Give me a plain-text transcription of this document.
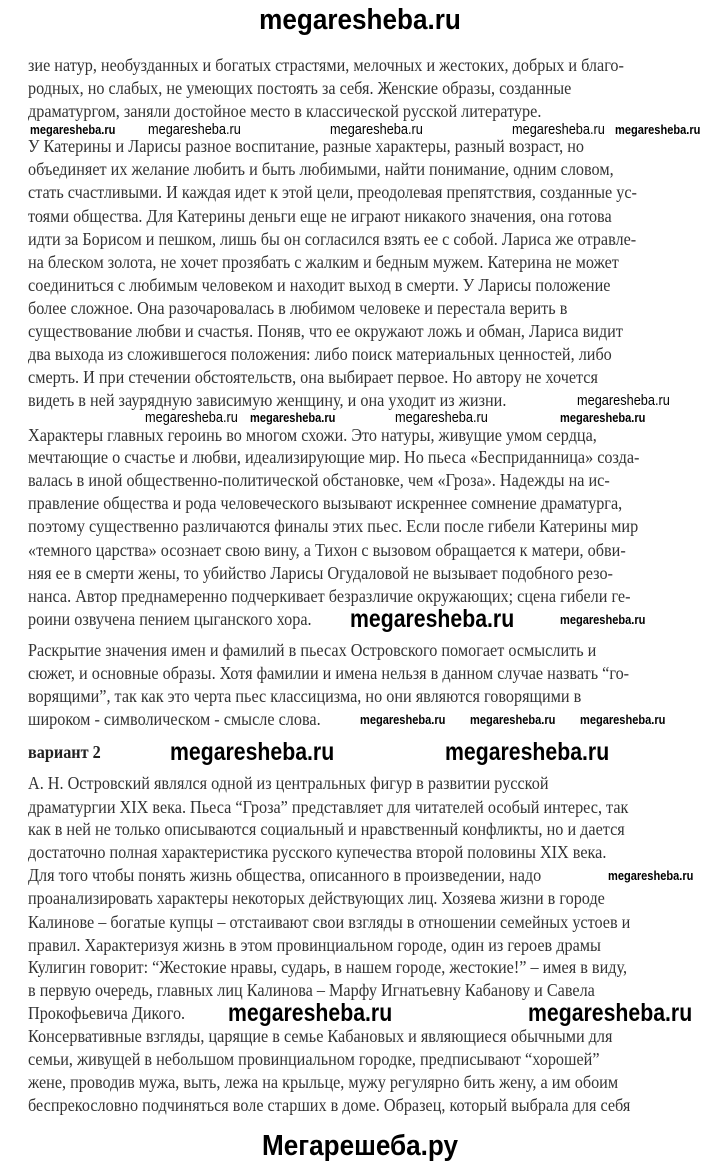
megaresheba.ru
зие натур, необузданных и богатых страстями, мелочных и жестоких, добрых и благо-
родных, но слабых, не умеющих постоять за себя. Женские образы, созданные
драматургом, заняли достойное место в классической русской литературе.
У Катерины и Ларисы разное воспитание, разные характеры, разный возраст, но
объединяет их желание любить и быть любимыми, найти понимание, одним словом,
стать счастливыми. И каждая идет к этой цели, преодолевая препятствия, созданные ус-
тоями общества. Для Катерины деньги еще не играют никакого значения, она готова
идти за Борисом и пешком, лишь бы он согласился взять ее с собой. Лариса же отравле-
на блеском золота, не хочет прозябать с жалким и бедным мужем. Катерина не может
соединиться с любимым человеком и находит выход в смерти. У Ларисы положение
более сложное. Она разочаровалась в любимом человеке и перестала верить в
существование любви и счастья. Поняв, что ее окружают ложь и обман, Лариса видит
два выхода из сложившегося положения: либо поиск материальных ценностей, либо
смерть. И при стечении обстоятельств, она выбирает первое. Но автору не хочется
видеть в ней заурядную зависимую женщину, и она уходит из жизни.
Характеры главных героинь во многом схожи. Это натуры, живущие умом сердца,
мечтающие о счастье и любви, идеализирующие мир. Но пьеса «Бесприданница» созда-
валась в иной общественно-политической обстановке, чем «Гроза». Надежды на ис-
правление общества и рода человеческого вызывают искреннее сомнение драматурга,
поэтому существенно различаются финалы этих пьес. Если после гибели Катерины мир
«темного царства» осознает свою вину, а Тихон с вызовом обращается к матери, обви-
няя ее в смерти жены, то убийство Ларисы Огудаловой не вызывает подобного резо-
нанса. Автор преднамеренно подчеркивает безразличие окружающих; сцена гибели ге-
роини озвучена пением цыганского хора.
Раскрытие значения имен и фамилий в пьесах Островского помогает осмыслить и
сюжет, и основные образы. Хотя фамилии и имена нельзя в данном случае назвать “го-
ворящими”, так как это черта пьес классицизма, но они являются говорящими в
широком - символическом - смысле слова.
вариант 2
А. Н. Островский являлся одной из центральных фигур в развитии русской
драматургии XIX века. Пьеса “Гроза” представляет для читателей особый интерес, так
как в ней не только описываются социальный и нравственный конфликты, но и дается
достаточно полная характеристика русского купечества второй половины XIX века.
Для того чтобы понять жизнь общества, описанного в произведении, надо
проанализировать характеры некоторых действующих лиц. Хозяева жизни в городе
Калинове – богатые купцы – отстаивают свои взгляды в отношении семейных устоев и
правил. Характеризуя жизнь в этом провинциальном городе, один из героев драмы
Кулигин говорит: “Жестокие нравы, сударь, в нашем городе, жестокие!” – имея в виду,
в первую очередь, главных лиц Калинова – Марфу Игнатьевну Кабанову и Савела
Прокофьевича Дикого.
Консервативные взгляды, царящие в семье Кабановых и являющиеся обычными для
семьи, живущей в небольшом провинциальном городке, предписывают “хорошей”
жене, проводив мужа, выть, лежа на крыльце, мужу регулярно бить жену, а им обоим
беспрекословно подчиняться воле старших в доме. Образец, который выбрала для себя
megaresheba.ru megaresheba.ru	megaresheba.ru	megaresheba.ru megaresheba.ru
megaresheba.ru
megaresheba.ru megaresheba.ru	megaresheba.ru	megaresheba.ru
megaresheba.ru	megaresheba.ru
megaresheba.ru megaresheba.ru megaresheba.ru
megaresheba.ru	megaresheba.ru
megaresheba.ru
megaresheba.ru	megaresheba.ru
Мегарешеба.ру
